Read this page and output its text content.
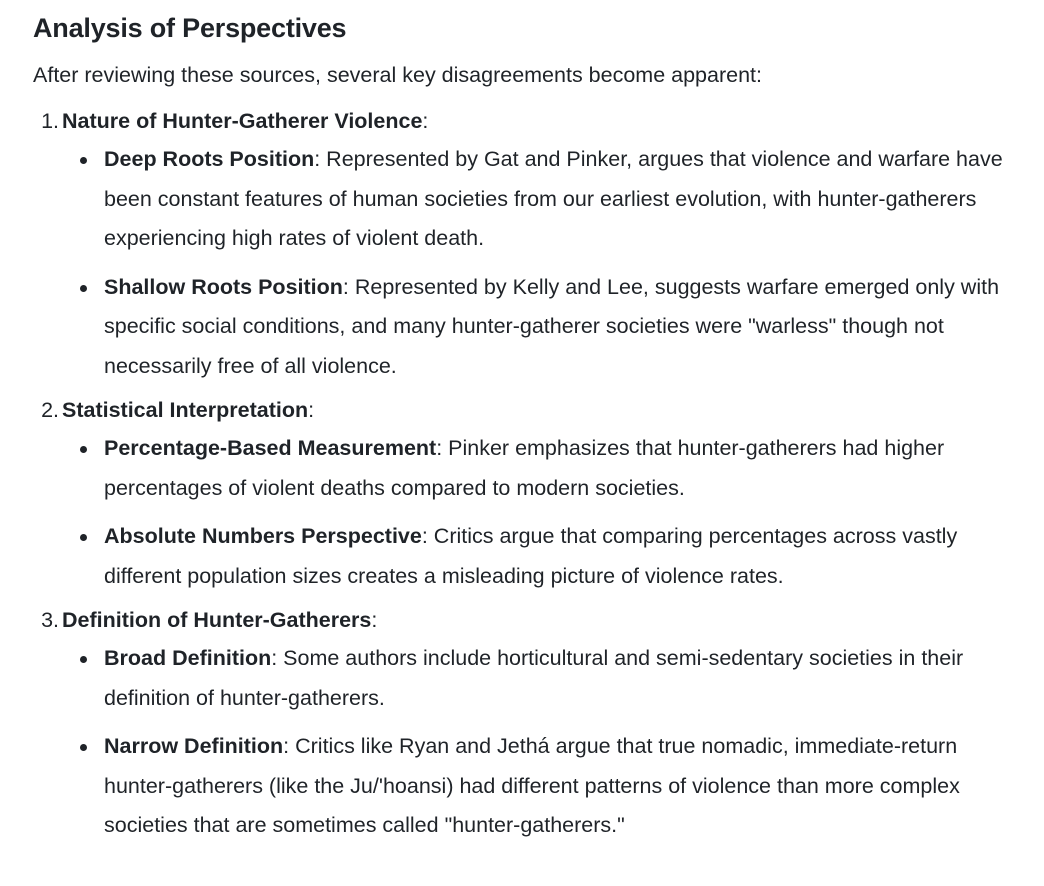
Analysis of Perspectives

After reviewing these sources, several key disagreements become apparent:

1. Nature of Hunter-Gatherer Violence:
Deep Roots Position: Represented by Gat and Pinker, argues that violence and warfare have been constant features of human societies from our earliest evolution, with hunter-gatherers experiencing high rates of violent death.
Shallow Roots Position: Represented by Kelly and Lee, suggests warfare emerged only with specific social conditions, and many hunter-gatherer societies were "warless" though not necessarily free of all violence.
2. Statistical Interpretation:
Percentage-Based Measurement: Pinker emphasizes that hunter-gatherers had higher percentages of violent deaths compared to modern societies.
Absolute Numbers Perspective: Critics argue that comparing percentages across vastly different population sizes creates a misleading picture of violence rates.
3. Definition of Hunter-Gatherers:
Broad Definition: Some authors include horticultural and semi-sedentary societies in their definition of hunter-gatherers.
Narrow Definition: Critics like Ryan and Jethá argue that true nomadic, immediate-return hunter-gatherers (like the Ju/'hoansi) had different patterns of violence than more complex societies that are sometimes called "hunter-gatherers."
